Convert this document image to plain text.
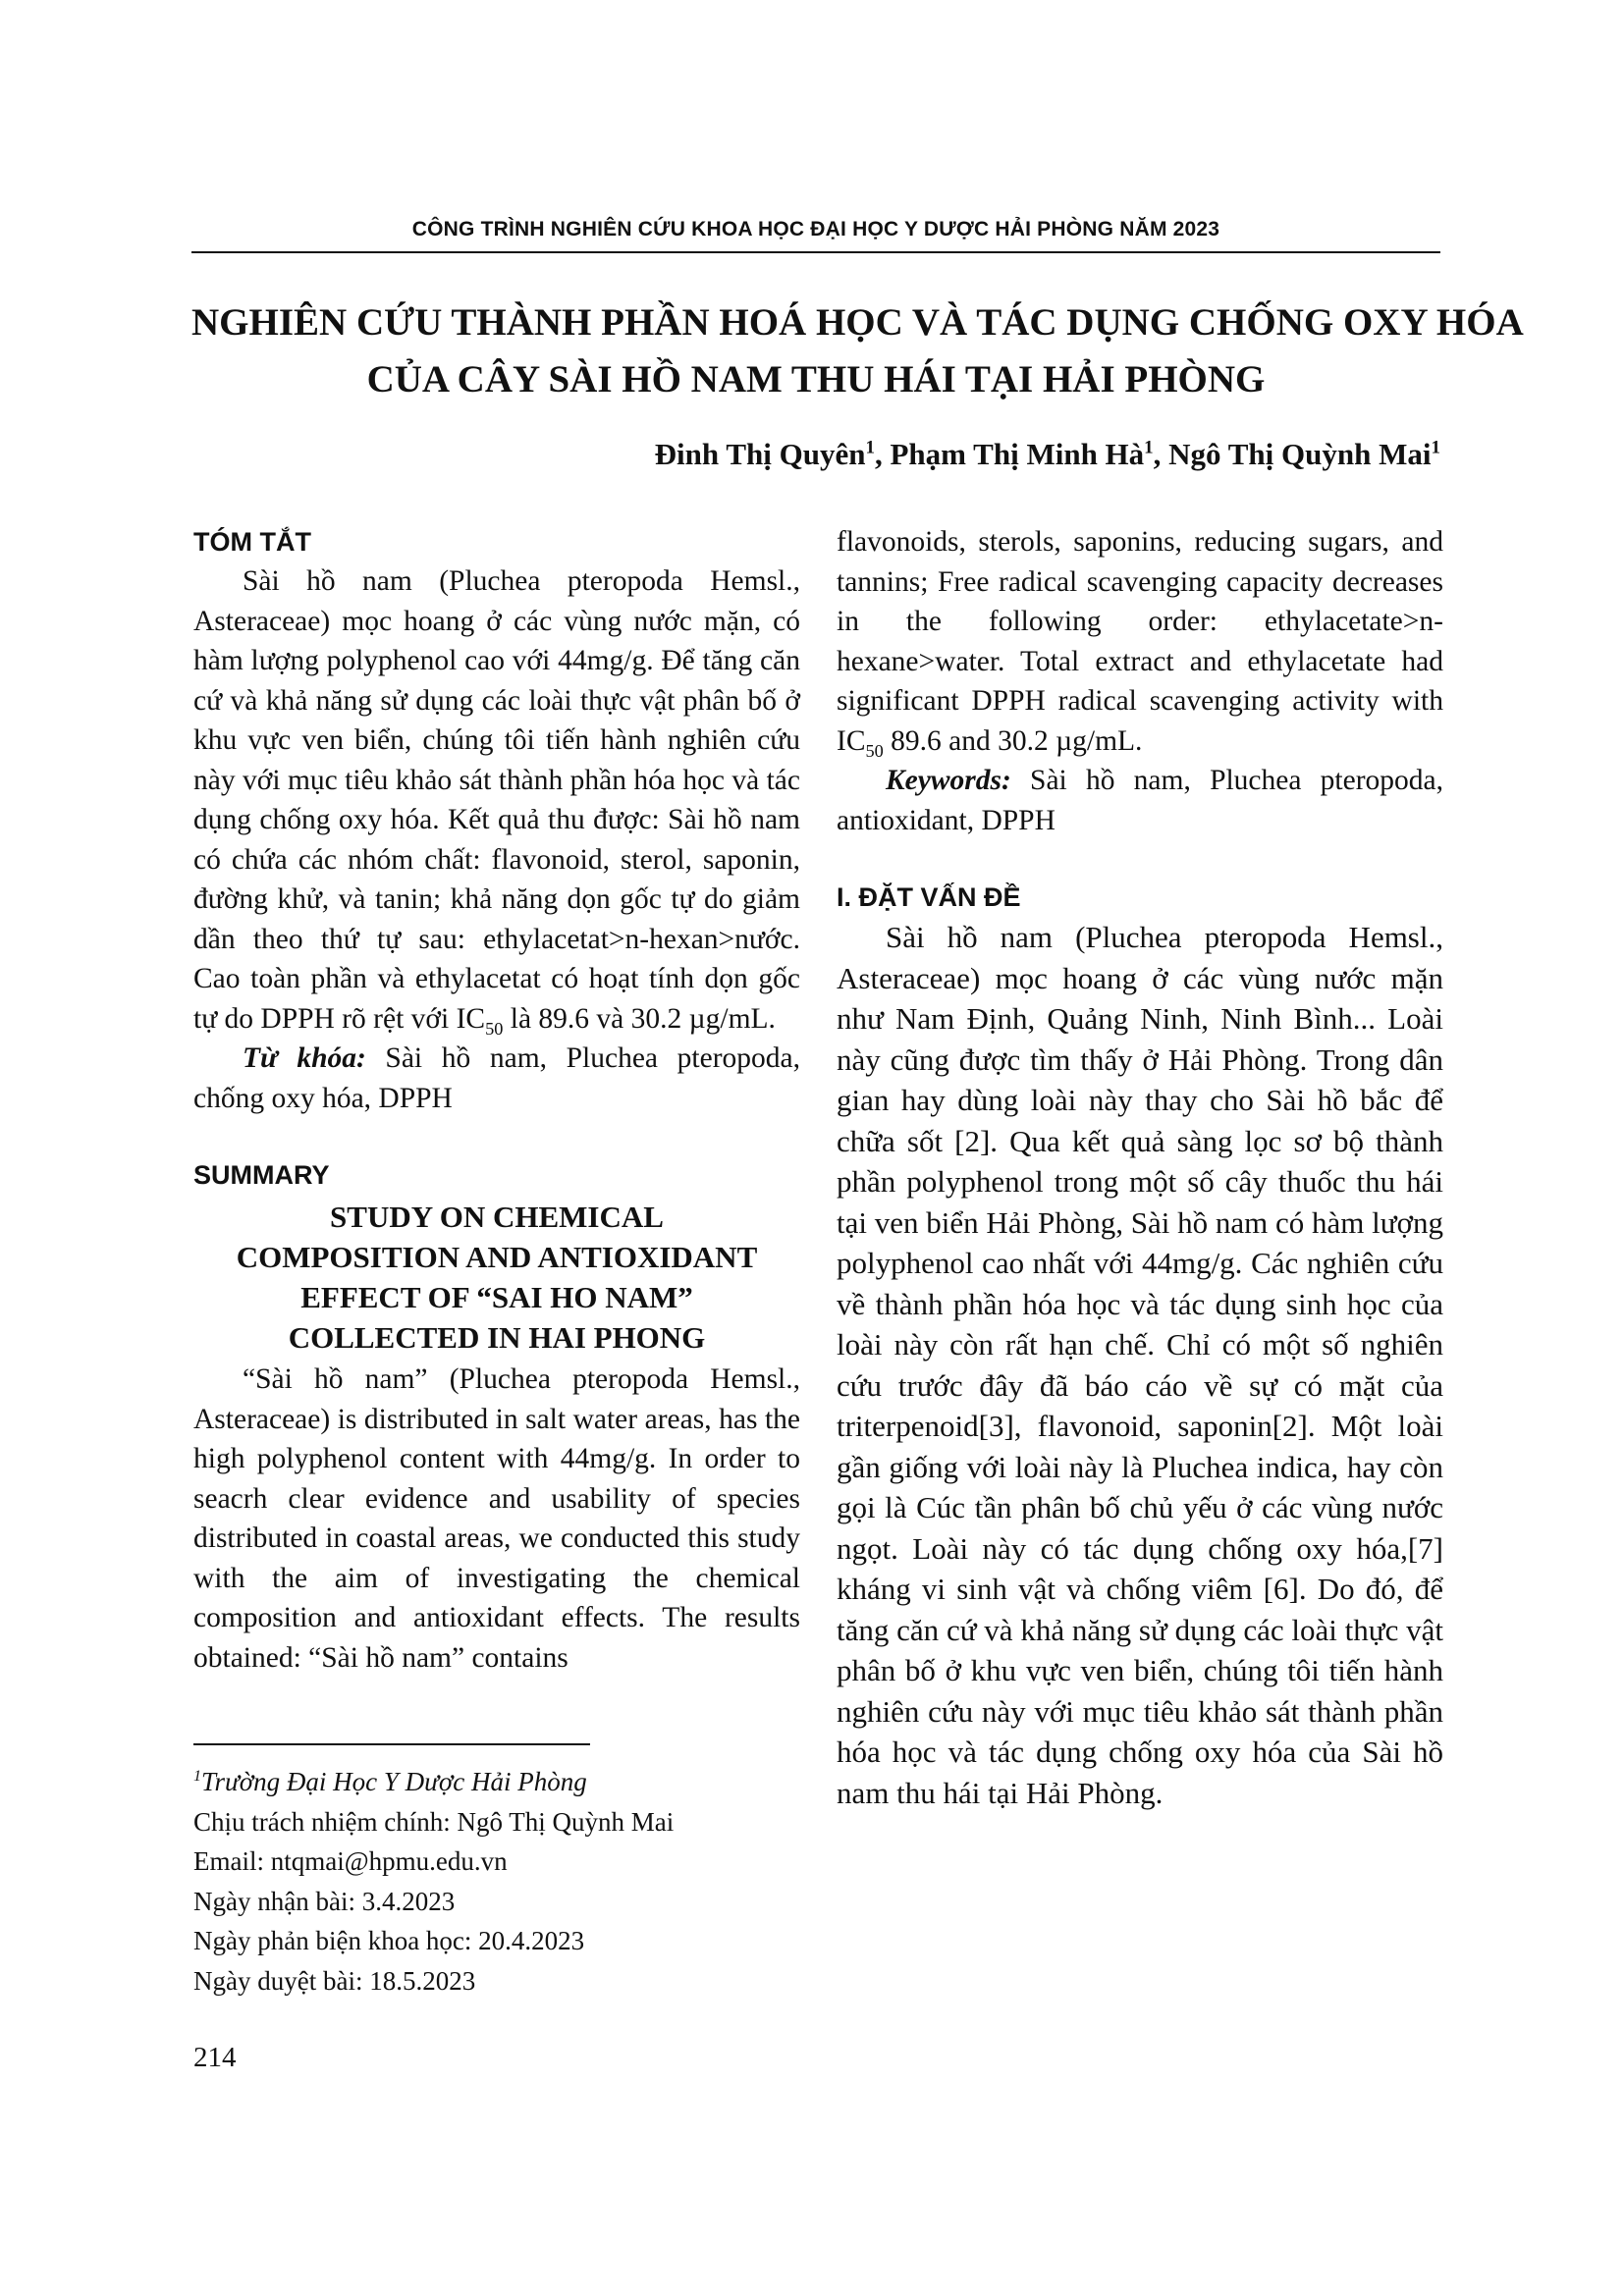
CÔNG TRÌNH NGHIÊN CỨU KHOA HỌC ĐẠI HỌC Y DƯỢC HẢI PHÒNG NĂM 2023
NGHIÊN CỨU THÀNH PHẦN HOÁ HỌC VÀ TÁC DỤNG CHỐNG OXY HÓA
CỦA CÂY SÀI HỒ NAM THU HÁI TẠI HẢI PHÒNG
Đinh Thị Quyên$^1$, Phạm Thị Minh $Hà^1$, Ngô Thị Quỳnh Mai$^1$
TÓM TẮT

Sài hồ nam (Pluchea pteropoda Hemsl., Asteraceae) mọc hoang ở các vùng nước mặn, có hàm lượng polyphenol cao với 44mg/g. Để tăng căn cứ và khả năng sử dụng các loài thực vật phân bố ở khu vực ven biển, chúng tôi tiến hành nghiên cứu này với mục tiêu khảo sát thành phần hóa học và tác dụng chống oxy hóa. Kết quả thu được: Sài hồ nam có chứa các nhóm chất: flavonoid, sterol, saponin, đường khử, và tanin; khả năng dọn gốc tự do giảm dần theo thứ tự sau: ethylacetat>n-hexan>nước. Cao toàn phần và ethylacetat có hoạt tính dọn gốc tự do DPPH rõ rệt với $IC_{50}$ là 89.6 và 30.2 µg/mL.

Từ khóa: Sài hồ nam, Pluchea pteropoda, chống oxy hóa, DPPH

SUMMARY
STUDY ON CHEMICAL
COMPOSITION AND ANTIOXIDANT
EFFECT OF “SAI HO NAM”
COLLECTED IN HAI PHONG

“Sài hồ nam” (Pluchea pteropoda Hemsl., Asteraceae) is distributed in salt water areas, has the high polyphenol content with 44mg/g. In order to seacrh clear evidence and usability of species distributed in coastal areas, we conducted this study with the aim of investigating the chemical composition and antioxidant effects. The results obtained: “Sài hồ nam” contains

flavonoids, sterols, saponins, reducing sugars, and tannins; Free radical scavenging capacity decreases in the following order: ethylacetate>n-hexane>water. Total extract and ethylacetate had significant DPPH radical scavenging activity with $IC_{50}$ 89.6 and 30.2 µg/mL.

Keywords: Sài hồ nam, Pluchea pteropoda, antioxidant, DPPH

I. ĐẶT VẤN ĐỀ

Sài hồ nam (Pluchea pteropoda Hemsl., Asteraceae) mọc hoang ở các vùng nước mặn như Nam Định, Quảng Ninh, Ninh Bình... Loài này cũng được tìm thấy ở Hải Phòng. Trong dân gian hay dùng loài này thay cho Sài hồ bắc để chữa sốt [2]. Qua kết quả sàng lọc sơ bộ thành phần polyphenol trong một số cây thuốc thu hái tại ven biển Hải Phòng, Sài hồ nam có hàm lượng polyphenol cao nhất với 44mg/g. Các nghiên cứu về thành phần hóa học và tác dụng sinh học của loài này còn rất hạn chế. Chỉ có một số nghiên cứu trước đây đã báo cáo về sự có mặt của triterpenoid[3], flavonoid, saponin[2]. Một loài gần giống với loài này là Pluchea indica, hay còn gọi là Cúc tần phân bố chủ yếu ở các vùng nước ngọt. Loài này có tác dụng chống oxy hóa,[7] kháng vi sinh vật và chống viêm [6]. Do đó, để tăng căn cứ và khả năng sử dụng các loài thực vật phân bố ở khu vực ven biển, chúng tôi tiến hành nghiên cứu này với mục tiêu khảo sát thành phần hóa học và tác dụng chống oxy hóa của Sài hồ nam thu hái tại Hải Phòng.

$^1$Trường Đại Học Y Dược Hải Phòng
Chịu trách nhiệm chính: Ngô Thị Quỳnh Mai
Email: ntqmai@hpmu.edu.vn
Ngày nhận bài: 3.4.2023
Ngày phản biện khoa học: 20.4.2023
Ngày duyệt bài: 18.5.2023
214
